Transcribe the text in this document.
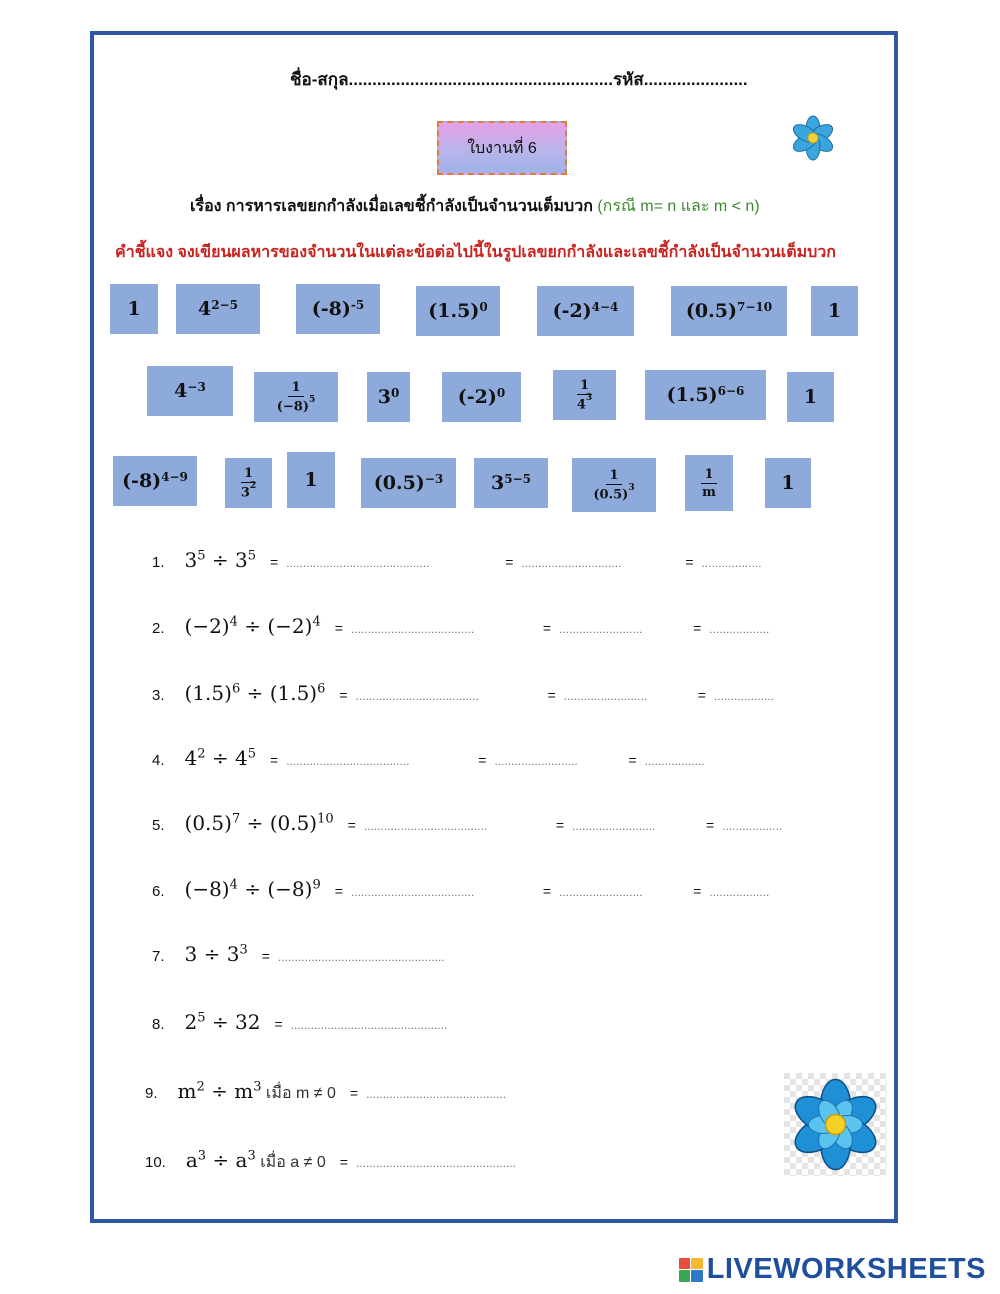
ชื่อ-สกุล........................................................รหัส......................
ใบงานที่ 6
เรื่อง การหารเลขยกกำลังเมื่อเลขชี้กำลังเป็นจำนวนเต็มบวก (กรณี m= n และ m < n)
คำชี้แจง จงเขียนผลหารของจำนวนในแต่ละข้อต่อไปนี้ในรูปเลขยกกำลังและเลขชี้กำลังเป็นจำนวนเต็มบวก
1	$4^{2-5}$	$(-8)^{-5}$	$(1.5)^0$	$(-2)^{4-4}$	$(0.5)^{7-10}$	1
$4^{-3}$	$\frac{1}{(-8)^5}$	$3^0$	$(-2)^0$	$\frac{1}{4^3}$	$(1.5)^{6-6}$	1
$(-8)^{4-9}$	$\frac{1}{3^2}$	1	$(0.5)^{-3}$	$3^{5-5}$	$\frac{1}{(0.5)^3}$	$\frac{1}{m}$	1
1. $3^5 \div 3^5$ =...........................................	=..............................	=..................
2. $(-2)^4 \div (-2)^4$ =.....................................	=.........................	=..................
3. $(1.5)^6 \div (1.5)^6$ =.....................................	=.........................	=..................
4. $4^2 \div 4^5$ =.....................................	=.........................	=..................
5. $(0.5)^7 \div (0.5)^{10}$ =.....................................	=.........................	=..................
6. $(-8)^4 \div (-8)^9$ =.....................................	=.........................	=..................
7. $3 \div 3^3$ =..................................................
8. $2^5 \div 32$ =...............................................
9. $m^2 \div m^3$ เมื่อ m ≠ 0 =..........................................
10. $a^3 \div a^3$ เมื่อ a ≠ 0 =................................................
LIVEWORKSHEETS
